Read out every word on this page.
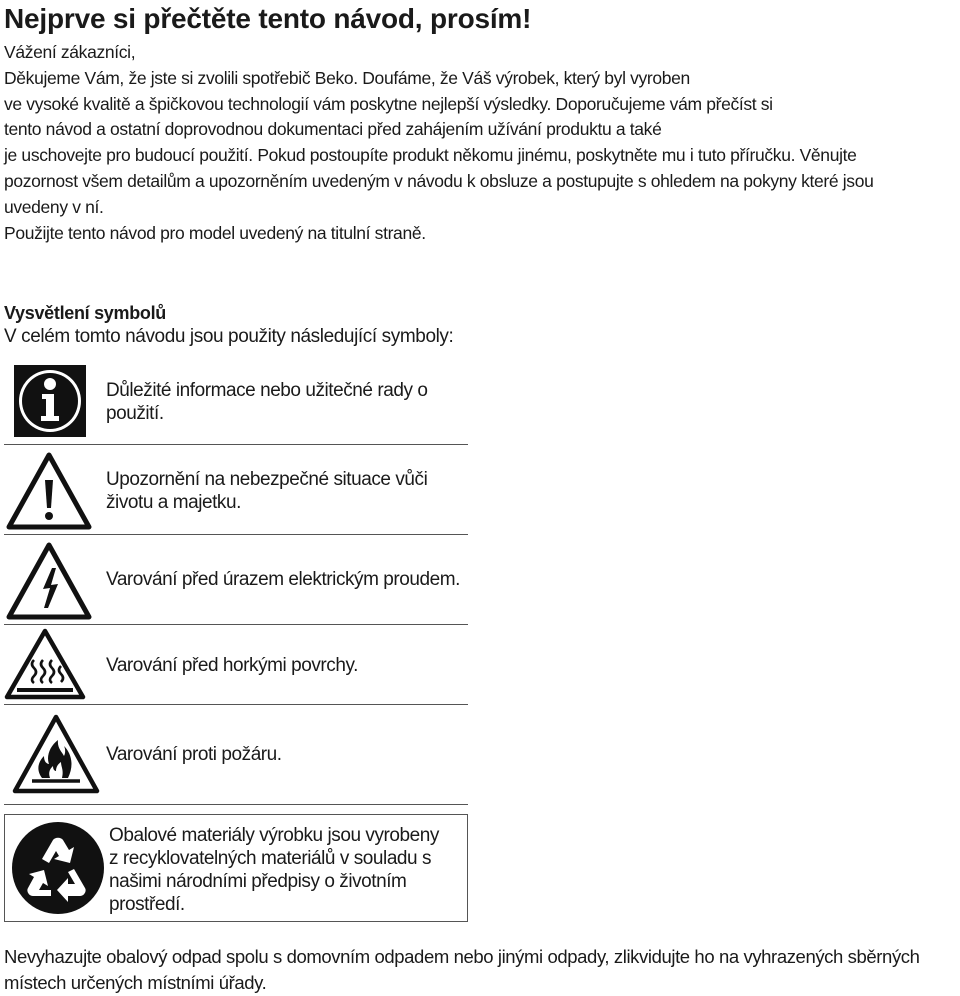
Nejprve si přečtěte tento návod, prosím!

Vážení zákazníci,

Děkujeme Vám, že jste si zvolili spotřebič Beko. Doufáme, že Váš výrobek, který byl vyroben

ve vysoké kvalitě a špičkovou technologií vám poskytne nejlepší výsledky. Doporučujeme vám přečíst si

tento návod a ostatní doprovodnou dokumentaci před zahájením užívání produktu a také

je uschovejte pro budoucí použití. Pokud postoupíte produkt někomu jinému, poskytněte mu i tuto příručku. Věnujte

pozornost všem detailům a upozorněním uvedeným v návodu k obsluze a postupujte s ohledem na pokyny které jsou

uvedeny v ní.

Použijte tento návod pro model uvedený na titulní straně.

Vysvětlení symbolů
V celém tomto návodu jsou použity následující symboly:
Důležité informace nebo užitečné rady o použití.
Upozornění na nebezpečné situace vůči životu a majetku.
Varování před úrazem elektrickým proudem.
Varování před horkými povrchy.
Varování proti požáru.
Obalové materiály výrobku jsou vyrobeny z recyklovatelných materiálů v souladu s našimi národními předpisy o životním prostředí.
Nevyhazujte obalový odpad spolu s domovním odpadem nebo jinými odpady, zlikvidujte ho na vyhrazených sběrných místech určených místními úřady.
